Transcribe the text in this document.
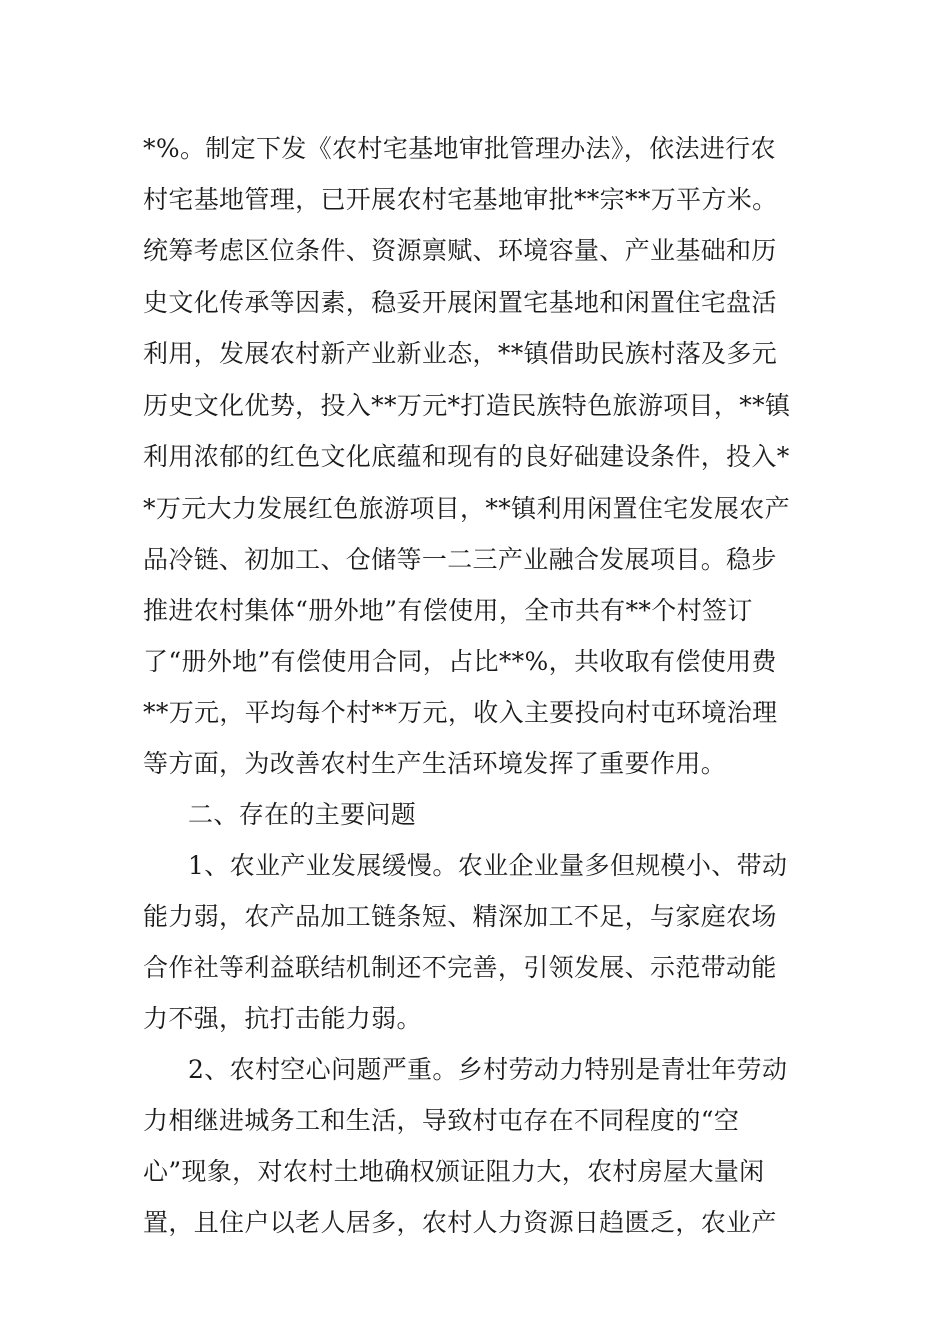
*%。制定下发《农村宅基地审批管理办法》，依法进行农
村宅基地管理，已开展农村宅基地审批**宗**万平方米。
统筹考虑区位条件、资源禀赋、环境容量、产业基础和历
史文化传承等因素，稳妥开展闲置宅基地和闲置住宅盘活
利用，发展农村新产业新业态，**镇借助民族村落及多元
历史文化优势，投入**万元*打造民族特色旅游项目，**镇
利用浓郁的红色文化底蕴和现有的良好础建设条件，投入*
*万元大力发展红色旅游项目，**镇利用闲置住宅发展农产
品冷链、初加工、仓储等一二三产业融合发展项目。稳步
推进农村集体“册外地”有偿使用，全市共有**个村签订
了“册外地”有偿使用合同，占比**%，共收取有偿使用费
**万元，平均每个村**万元，收入主要投向村屯环境治理
等方面，为改善农村生产生活环境发挥了重要作用。
二、存在的主要问题
1、农业产业发展缓慢。农业企业量多但规模小、带动
能力弱，农产品加工链条短、精深加工不足，与家庭农场
合作社等利益联结机制还不完善，引领发展、示范带动能
力不强，抗打击能力弱。
2、农村空心问题严重。乡村劳动力特别是青壮年劳动
力相继进城务工和生活，导致村屯存在不同程度的“空
心”现象，对农村土地确权颁证阻力大，农村房屋大量闲
置，且住户以老人居多，农村人力资源日趋匮乏，农业产
